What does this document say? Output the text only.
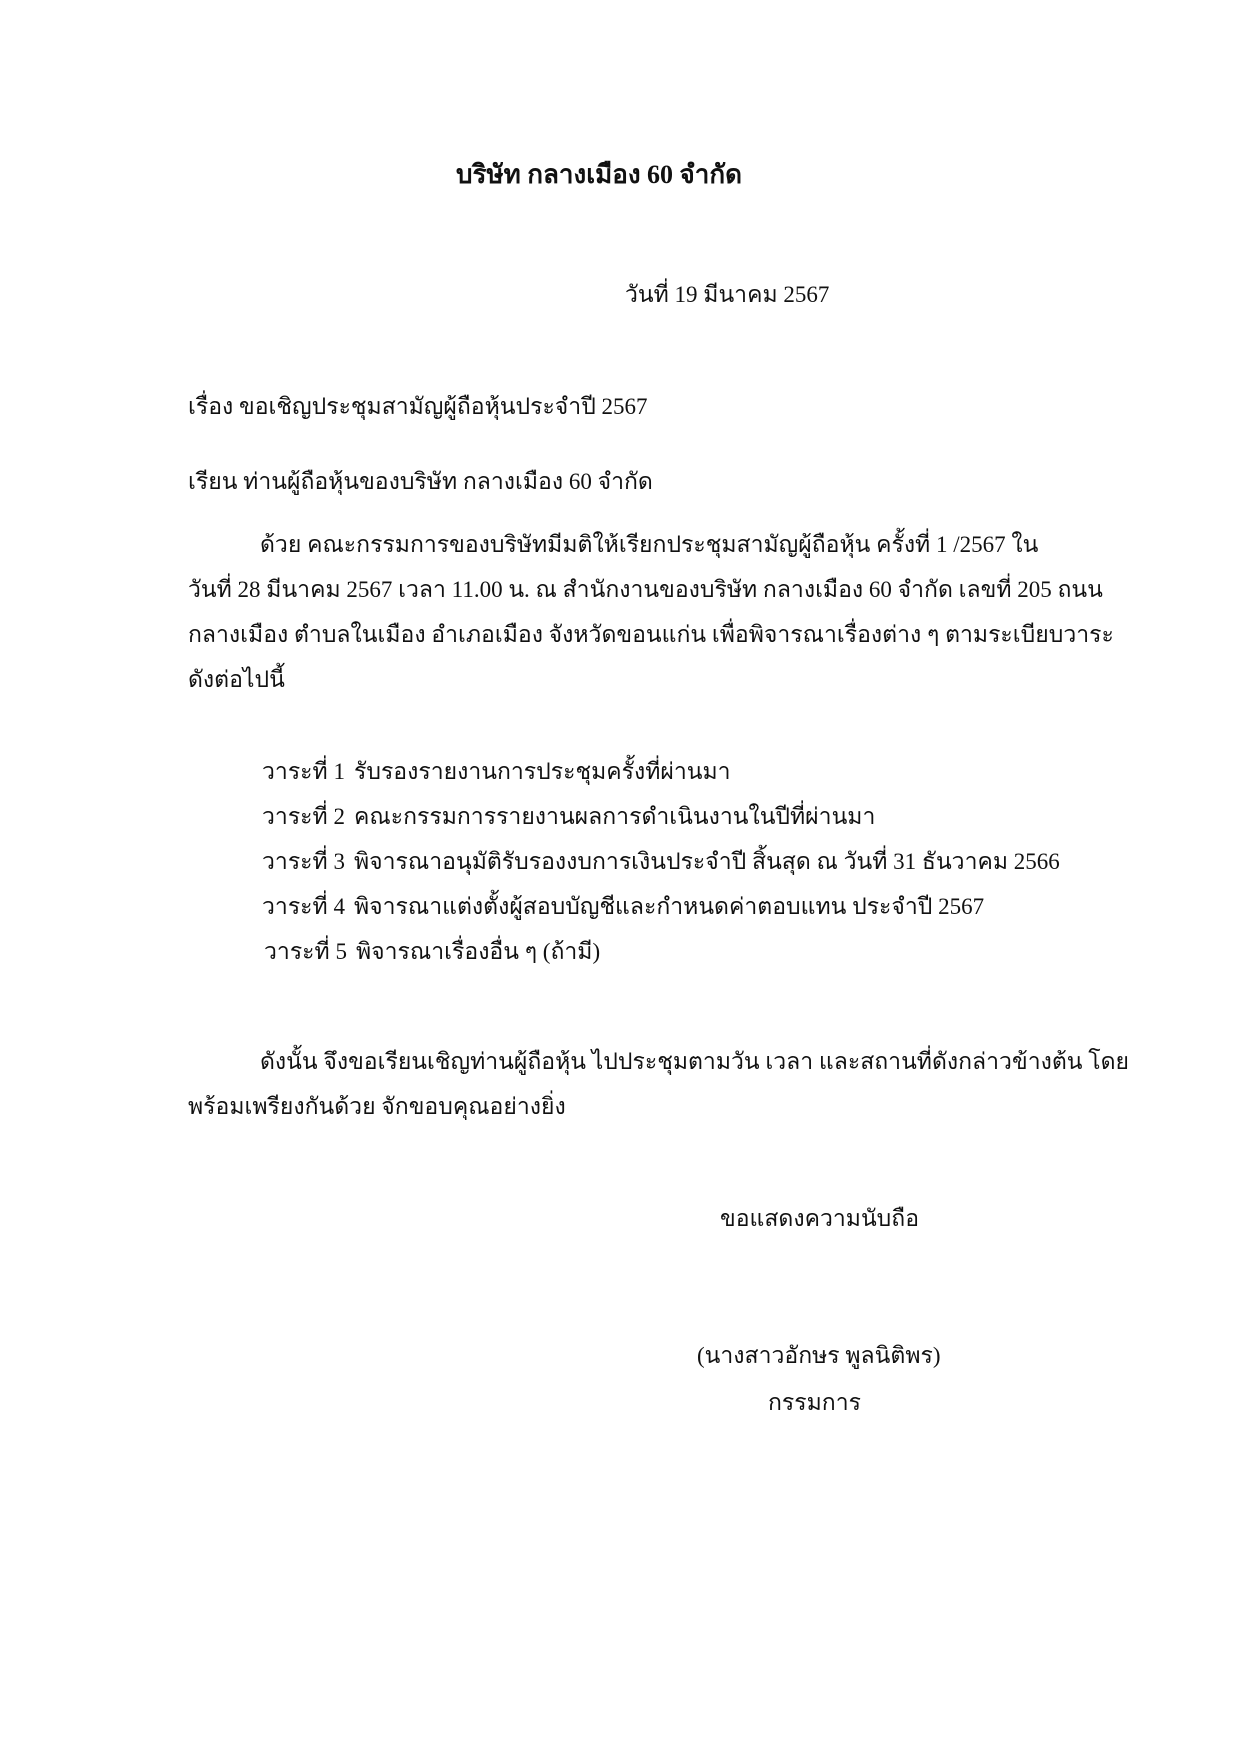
บริษัท กลางเมือง 60 จำกัด
วันที่ 19 มีนาคม 2567
เรื่อง ขอเชิญประชุมสามัญผู้ถือหุ้นประจำปี 2567
เรียน ท่านผู้ถือหุ้นของบริษัท กลางเมือง 60 จำกัด
ด้วย คณะกรรมการของบริษัทมีมติให้เรียกประชุมสามัญผู้ถือหุ้น ครั้งที่ 1 /2567 ใน
วันที่ 28 มีนาคม 2567 เวลา 11.00 น. ณ สำนักงานของบริษัท กลางเมือง 60 จำกัด เลขที่ 205 ถนน
กลางเมือง ตำบลในเมือง อำเภอเมือง จังหวัดขอนแก่น เพื่อพิจารณาเรื่องต่าง ๆ ตามระเบียบวาระ
ดังต่อไปนี้
วาระที่ 1 รับรองรายงานการประชุมครั้งที่ผ่านมา
วาระที่ 2 คณะกรรมการรายงานผลการดำเนินงานในปีที่ผ่านมา
วาระที่ 3 พิจารณาอนุมัติรับรองงบการเงินประจำปี สิ้นสุด ณ วันที่ 31 ธันวาคม 2566
วาระที่ 4 พิจารณาแต่งตั้งผู้สอบบัญชีและกำหนดค่าตอบแทน ประจำปี 2567
วาระที่ 5 พิจารณาเรื่องอื่น ๆ (ถ้ามี)
ดังนั้น จึงขอเรียนเชิญท่านผู้ถือหุ้น ไปประชุมตามวัน เวลา และสถานที่ดังกล่าวข้างต้น โดย
พร้อมเพรียงกันด้วย จักขอบคุณอย่างยิ่ง
ขอแสดงความนับถือ
(นางสาวอักษร พูลนิติพร)
กรรมการ
